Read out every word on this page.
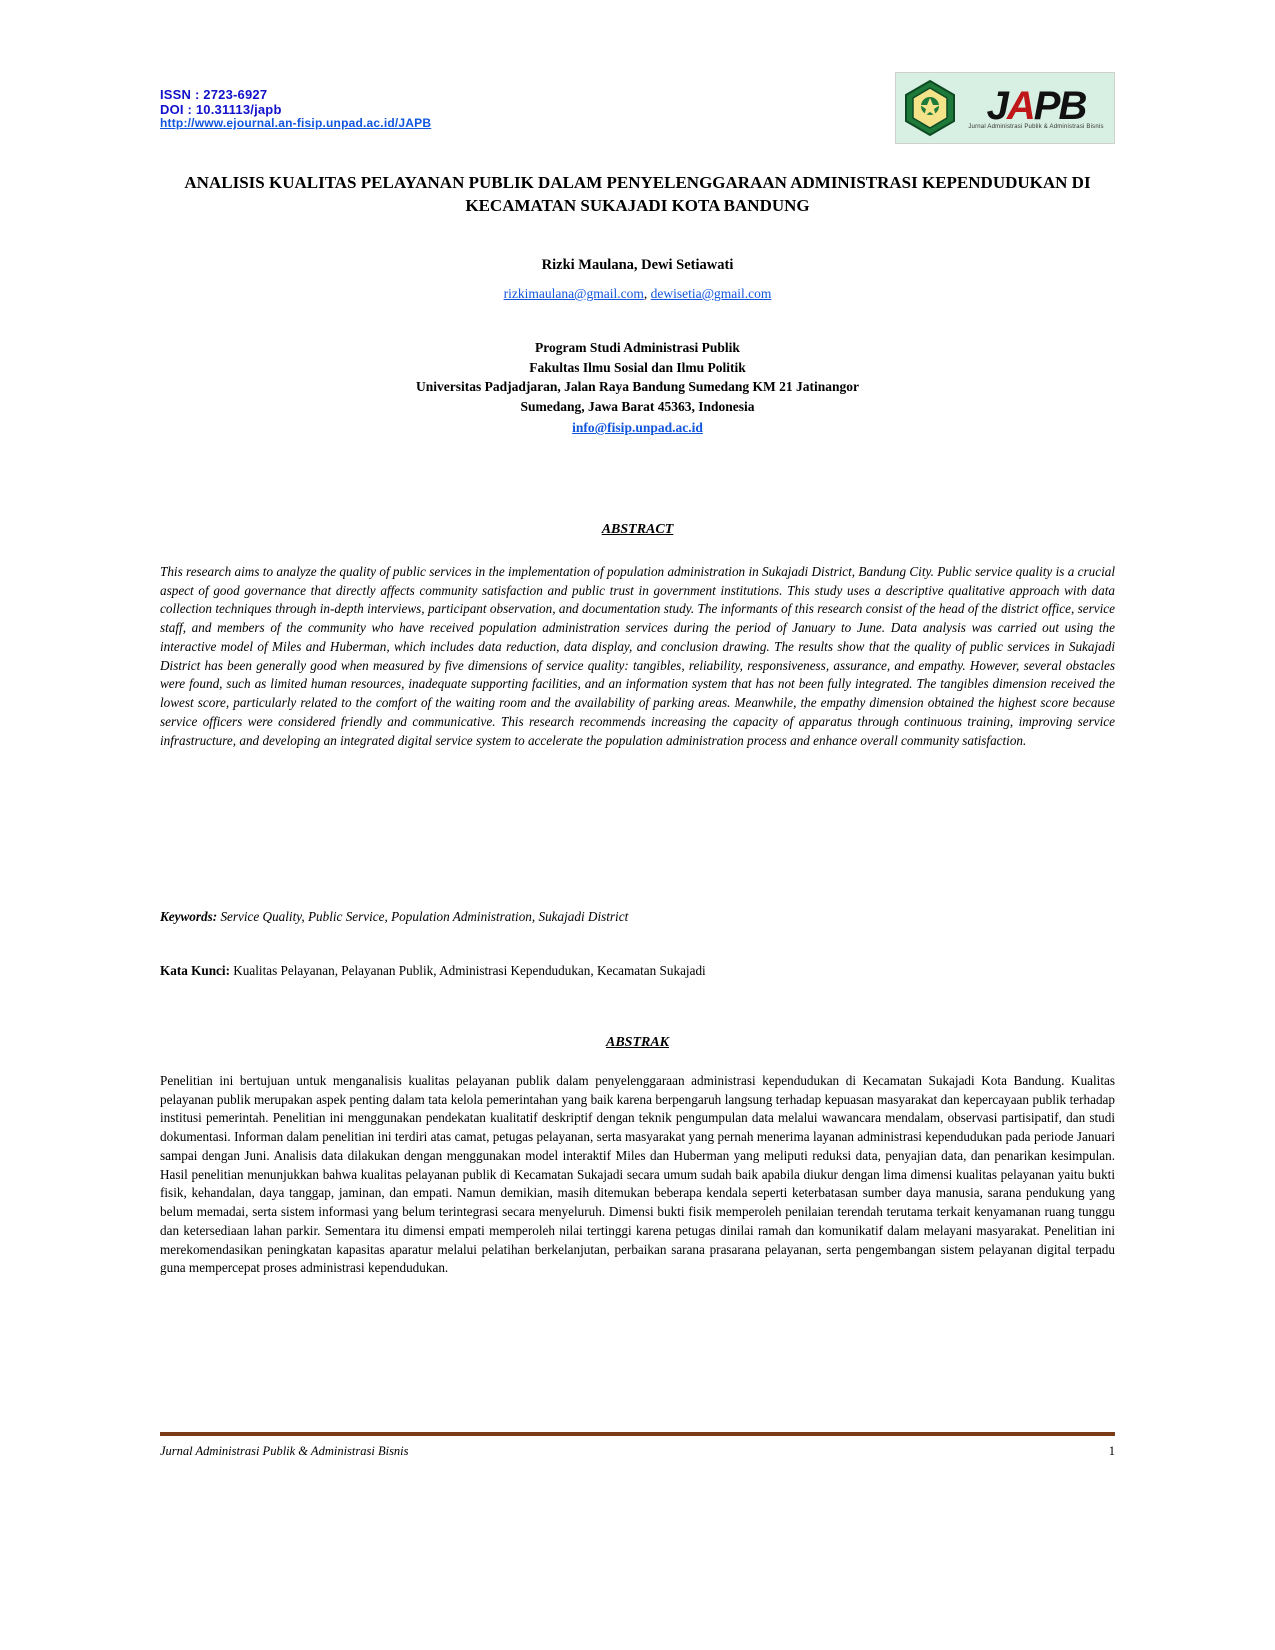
ISSN : 2723-6927
DOI : 10.31113/japb
http://www.ejournal.an-fisip.unpad.ac.id/JAPB	JAPB
Jurnal Administrasi Publik & Administrasi Bisnis
ANALISIS KUALITAS PELAYANAN PUBLIK DALAM PENYELENGGARAAN ADMINISTRASI KEPENDUDUKAN DI KECAMATAN SUKAJADI KOTA BANDUNG
Rizki Maulana, Dewi Setiawati
rizkimaulana@gmail.com, dewisetia@gmail.com
Program Studi Administrasi Publik
Fakultas Ilmu Sosial dan Ilmu Politik
Universitas Padjadjaran, Jalan Raya Bandung Sumedang KM 21 Jatinangor
Sumedang, Jawa Barat 45363, Indonesia
info@fisip.unpad.ac.id
ABSTRACT
This research aims to analyze the quality of public services in the implementation of population administration in Sukajadi District, Bandung City. Public service quality is a crucial aspect of good governance that directly affects community satisfaction and public trust in government institutions. This study uses a descriptive qualitative approach with data collection techniques through in-depth interviews, participant observation, and documentation study. The informants of this research consist of the head of the district office, service staff, and members of the community who have received population administration services during the period of January to June. Data analysis was carried out using the interactive model of Miles and Huberman, which includes data reduction, data display, and conclusion drawing. The results show that the quality of public services in Sukajadi District has been generally good when measured by five dimensions of service quality: tangibles, reliability, responsiveness, assurance, and empathy. However, several obstacles were found, such as limited human resources, inadequate supporting facilities, and an information system that has not been fully integrated. The tangibles dimension received the lowest score, particularly related to the comfort of the waiting room and the availability of parking areas. Meanwhile, the empathy dimension obtained the highest score because service officers were considered friendly and communicative. This research recommends increasing the capacity of apparatus through continuous training, improving service infrastructure, and developing an integrated digital service system to accelerate the population administration process and enhance overall community satisfaction.
Keywords: Service Quality, Public Service, Population Administration, Sukajadi District
Kata Kunci: Kualitas Pelayanan, Pelayanan Publik, Administrasi Kependudukan, Kecamatan Sukajadi
ABSTRAK
Penelitian ini bertujuan untuk menganalisis kualitas pelayanan publik dalam penyelenggaraan administrasi kependudukan di Kecamatan Sukajadi Kota Bandung. Kualitas pelayanan publik merupakan aspek penting dalam tata kelola pemerintahan yang baik karena berpengaruh langsung terhadap kepuasan masyarakat dan kepercayaan publik terhadap institusi pemerintah. Penelitian ini menggunakan pendekatan kualitatif deskriptif dengan teknik pengumpulan data melalui wawancara mendalam, observasi partisipatif, dan studi dokumentasi. Informan dalam penelitian ini terdiri atas camat, petugas pelayanan, serta masyarakat yang pernah menerima layanan administrasi kependudukan pada periode Januari sampai dengan Juni. Analisis data dilakukan dengan menggunakan model interaktif Miles dan Huberman yang meliputi reduksi data, penyajian data, dan penarikan kesimpulan. Hasil penelitian menunjukkan bahwa kualitas pelayanan publik di Kecamatan Sukajadi secara umum sudah baik apabila diukur dengan lima dimensi kualitas pelayanan yaitu bukti fisik, kehandalan, daya tanggap, jaminan, dan empati. Namun demikian, masih ditemukan beberapa kendala seperti keterbatasan sumber daya manusia, sarana pendukung yang belum memadai, serta sistem informasi yang belum terintegrasi secara menyeluruh. Dimensi bukti fisik memperoleh penilaian terendah terutama terkait kenyamanan ruang tunggu dan ketersediaan lahan parkir. Sementara itu dimensi empati memperoleh nilai tertinggi karena petugas dinilai ramah dan komunikatif dalam melayani masyarakat. Penelitian ini merekomendasikan peningkatan kapasitas aparatur melalui pelatihan berkelanjutan, perbaikan sarana prasarana pelayanan, serta pengembangan sistem pelayanan digital terpadu guna mempercepat proses administrasi kependudukan.
Jurnal Administrasi Publik & Administrasi Bisnis	1
